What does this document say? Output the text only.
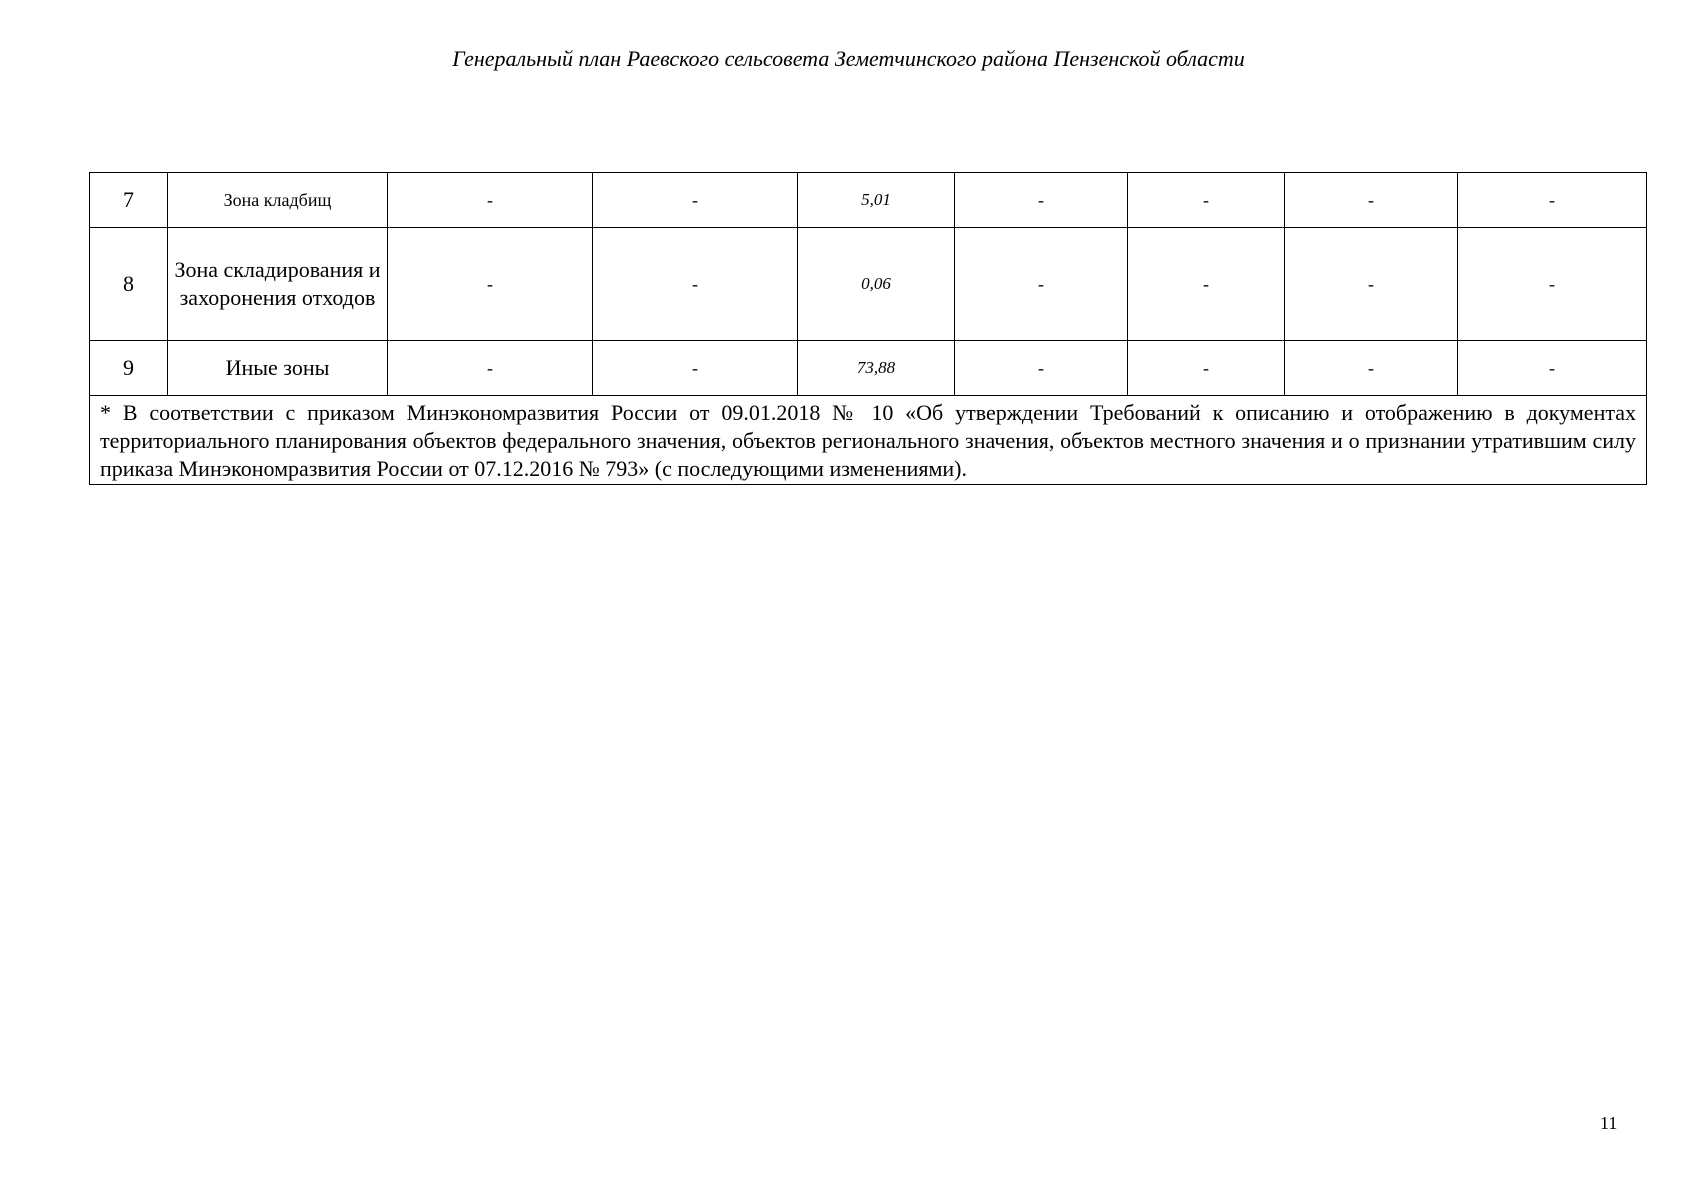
Генеральный план Раевского сельсовета Земетчинского района Пензенской области
7	Зона кладбищ	-	-	5,01	-	-	-	-
8	Зона складирования и захоронения отходов	-	-	0,06	-	-	-	-
9	Иные зоны	-	-	73,88	-	-	-	-
* В соответствии с приказом Минэкономразвития России от 09.01.2018 № 10 «Об утверждении Требований к описанию и отображению в документах территориального планирования объектов федерального значения, объектов регионального значения, объектов местного значения и о признании утратившим силу приказа Минэкономразвития России от 07.12.2016 № 793» (с последующими изменениями).								
11
